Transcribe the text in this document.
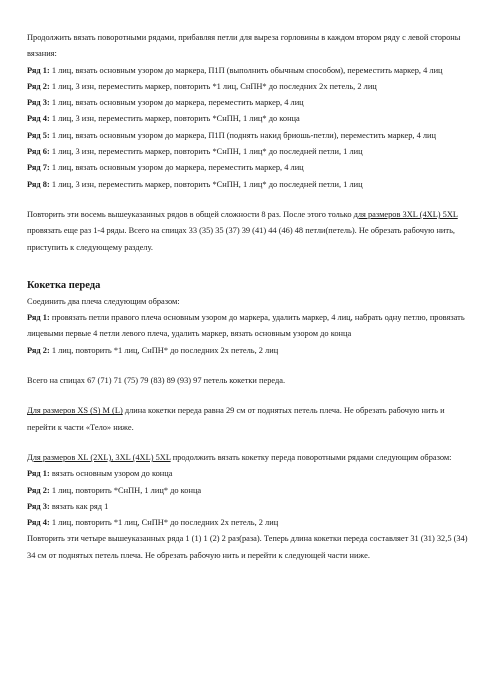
Продолжить вязать поворотными рядами, прибавляя петли для выреза горловины в каждом втором ряду с левой стороны вязания:

Ряд 1: 1 лиц, вязать основным узором до маркера, П1П (выполнить обычным способом), переместить маркер, 4 лиц

Ряд 2: 1 лиц, 3 изн, переместить маркер, повторить *1 лиц, СнПН* до последних 2х петель, 2 лиц

Ряд 3: 1 лиц, вязать основным узором до маркера, переместить маркер, 4 лиц

Ряд 4: 1 лиц, 3 изн, переместить маркер, повторить *СнПН, 1 лиц* до конца

Ряд 5: 1 лиц, вязать основным узором до маркера, П1П (поднять накид бриошь-петли), переместить маркер, 4 лиц

Ряд 6: 1 лиц, 3 изн, переместить маркер, повторить *СнПН, 1 лиц* до последней петли, 1 лиц

Ряд 7: 1 лиц, вязать основным узором до маркера, переместить маркер, 4 лиц

Ряд 8: 1 лиц, 3 изн, переместить маркер, повторить *СнПН, 1 лиц* до последней петли, 1 лиц

Повторить эти восемь вышеуказанных рядов в общей сложности 8 раз. После этого только для размеров 3XL (4XL) 5XL провязать еще раз 1-4 ряды. Всего на спицах 33 (35) 35 (37) 39 (41) 44 (46) 48 петли(петель). Не обрезать рабочую нить, приступить к следующему разделу.

Кокетка переда

Соединить два плеча следующим образом:

Ряд 1: провязать петли правого плеча основным узором до маркера, удалить маркер, 4 лиц, набрать одну петлю, провязать лицевыми первые 4 петли левого плеча, удалить маркер, вязать основным узором до конца

Ряд 2: 1 лиц, повторить *1 лиц, СнПН* до последних 2х петель, 2 лиц

Всего на спицах 67 (71) 71 (75) 79 (83) 89 (93) 97 петель кокетки переда.

Для размеров XS (S) M (L) длина кокетки переда равна 29 см от поднятых петель плеча. Не обрезать рабочую нить и перейти к части «Тело» ниже.

Для размеров XL (2XL), 3XL (4XL) 5XL продолжить вязать кокетку переда поворотными рядами следующим образом:

Ряд 1: вязать основным узором до конца

Ряд 2: 1 лиц, повторить *СнПН, 1 лиц* до конца

Ряд 3: вязать как ряд 1

Ряд 4: 1 лиц, повторить *1 лиц, СнПН* до последних 2х петель, 2 лиц

Повторить эти четыре вышеуказанных ряда 1 (1) 1 (2) 2 раз(раза). Теперь длина кокетки переда составляет 31 (31) 32,5 (34) 34 см от поднятых петель плеча. Не обрезать рабочую нить и перейти к следующей части ниже.
